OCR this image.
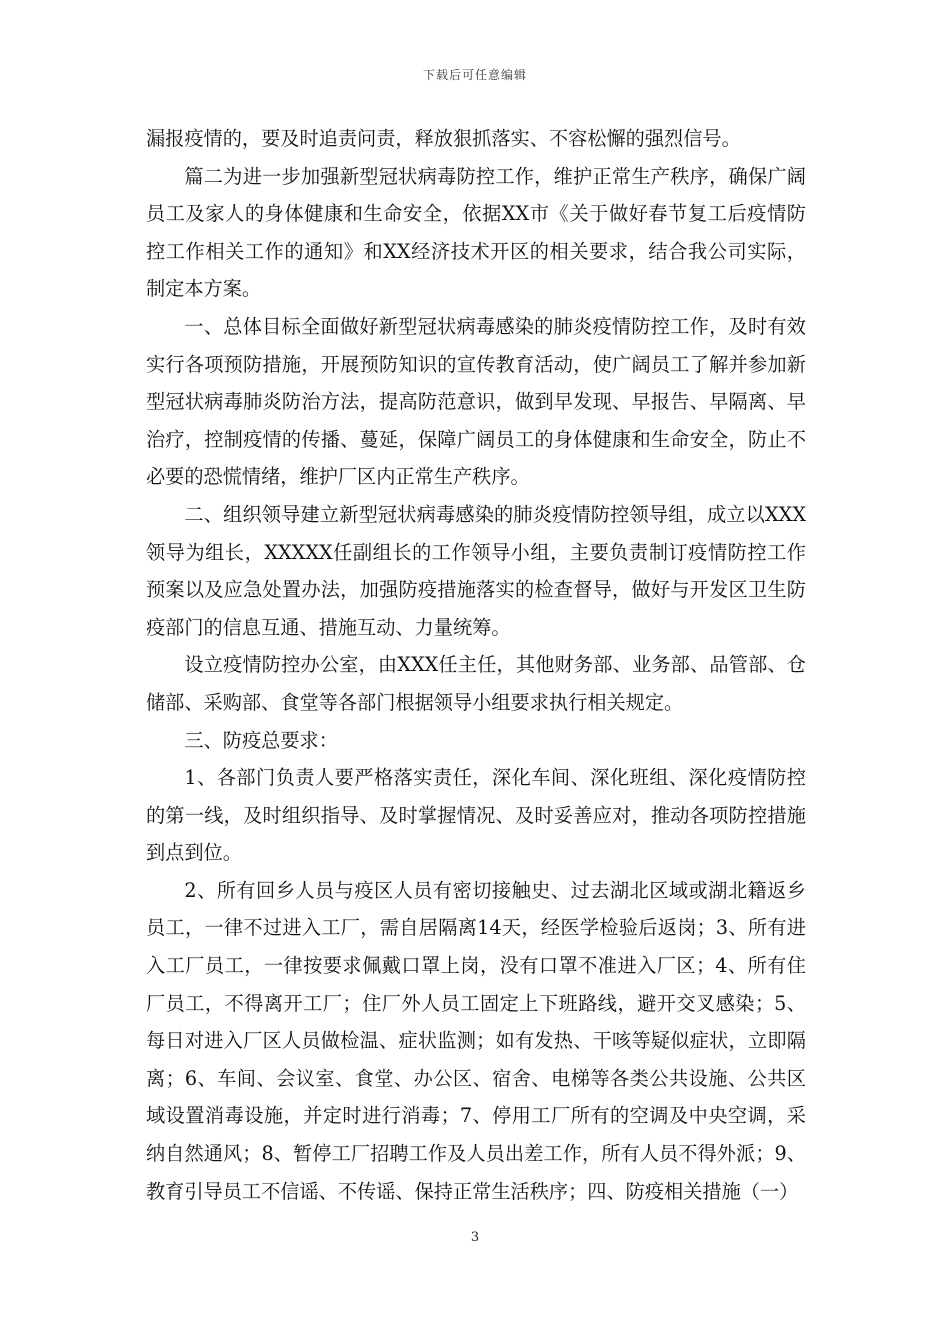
下载后可任意编辑

漏报疫情的，要及时追责问责，释放狠抓落实、不容松懈的强烈信号。

篇二为进一步加强新型冠状病毒防控工作，维护正常生产秩序，确保广阔员工及家人的身体健康和生命安全，依据XX市《关于做好春节复工后疫情防控工作相关工作的通知》和XX经济技术开区的相关要求，结合我公司实际，制定本方案。

一、总体目标全面做好新型冠状病毒感染的肺炎疫情防控工作，及时有效实行各项预防措施，开展预防知识的宣传教育活动，使广阔员工了解并参加新型冠状病毒肺炎防治方法，提高防范意识，做到早发现、早报告、早隔离、早治疗，控制疫情的传播、蔓延，保障广阔员工的身体健康和生命安全，防止不必要的恐慌情绪，维护厂区内正常生产秩序。

二、组织领导建立新型冠状病毒感染的肺炎疫情防控领导组，成立以XXX领导为组长，XXXXX任副组长的工作领导小组，主要负责制订疫情防控工作预案以及应急处置办法，加强防疫措施落实的检查督导，做好与开发区卫生防疫部门的信息互通、措施互动、力量统筹。

设立疫情防控办公室，由XXX任主任，其他财务部、业务部、品管部、仓储部、采购部、食堂等各部门根据领导小组要求执行相关规定。

三、防疫总要求：

1、各部门负责人要严格落实责任，深化车间、深化班组、深化疫情防控的第一线，及时组织指导、及时掌握情况、及时妥善应对，推动各项防控措施到点到位。

2、所有回乡人员与疫区人员有密切接触史、过去湖北区域或湖北籍返乡员工，一律不过进入工厂，需自居隔离14天，经医学检验后返岗；3、所有进入工厂员工，一律按要求佩戴口罩上岗，没有口罩不准进入厂区；4、所有住厂员工，不得离开工厂；住厂外人员工固定上下班路线，避开交叉感染；5、每日对进入厂区人员做检温、症状监测；如有发热、干咳等疑似症状，立即隔离；6、车间、会议室、食堂、办公区、宿舍、电梯等各类公共设施、公共区域设置消毒设施，并定时进行消毒；7、停用工厂所有的空调及中央空调，采纳自然通风；8、暂停工厂招聘工作及人员出差工作，所有人员不得外派；9、教育引导员工不信谣、不传谣、保持正常生活秩序；四、防疫相关措施（一）

3
